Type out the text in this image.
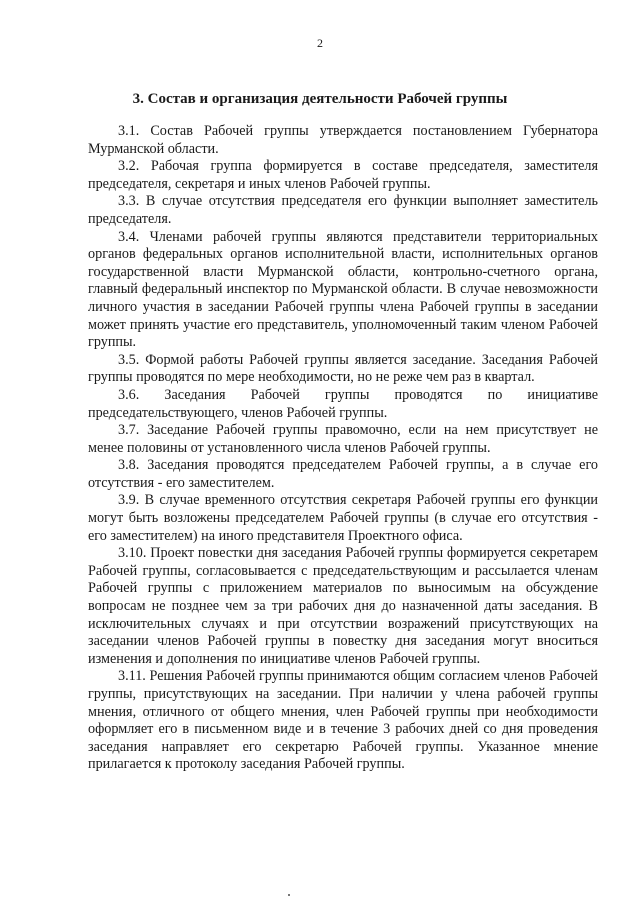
2
3. Состав и организация деятельности Рабочей группы

3.1. Состав Рабочей группы утверждается постановлением Губернатора Мурманской области.

3.2. Рабочая группа формируется в составе председателя, заместителя председателя, секретаря и иных членов Рабочей группы.

3.3. В случае отсутствия председателя его функции выполняет заместитель председателя.

3.4. Членами рабочей группы являются представители территориальных органов федеральных органов исполнительной власти, исполнительных органов государственной власти Мурманской области, контрольно-счетного органа, главный федеральный инспектор по Мурманской области. В случае невозможности личного участия в заседании Рабочей группы члена Рабочей группы в заседании может принять участие его представитель, уполномоченный таким членом Рабочей группы.

3.5. Формой работы Рабочей группы является заседание. Заседания Рабочей группы проводятся по мере необходимости, но не реже чем раз в квартал.

3.6. Заседания Рабочей группы проводятся по инициативе председательствующего, членов Рабочей группы.

3.7. Заседание Рабочей группы правомочно, если на нем присутствует не менее половины от установленного числа членов Рабочей группы.

3.8. Заседания проводятся председателем Рабочей группы, а в случае его отсутствия - его заместителем.

3.9. В случае временного отсутствия секретаря Рабочей группы его функции могут быть возложены председателем Рабочей группы (в случае его отсутствия - его заместителем) на иного представителя Проектного офиса.

3.10. Проект повестки дня заседания Рабочей группы формируется секретарем Рабочей группы, согласовывается с председательствующим и рассылается членам Рабочей группы с приложением материалов по выносимым на обсуждение вопросам не позднее чем за три рабочих дня до назначенной даты заседания. В исключительных случаях и при отсутствии возражений присутствующих на заседании членов Рабочей группы в повестку дня заседания могут вноситься изменения и дополнения по инициативе членов Рабочей группы.

3.11. Решения Рабочей группы принимаются общим согласием членов Рабочей группы, присутствующих на заседании. При наличии у члена рабочей группы мнения, отличного от общего мнения, член Рабочей группы при необходимости оформляет его в письменном виде и в течение 3 рабочих дней со дня проведения заседания направляет его секретарю Рабочей группы. Указанное мнение прилагается к протоколу заседания Рабочей группы.
